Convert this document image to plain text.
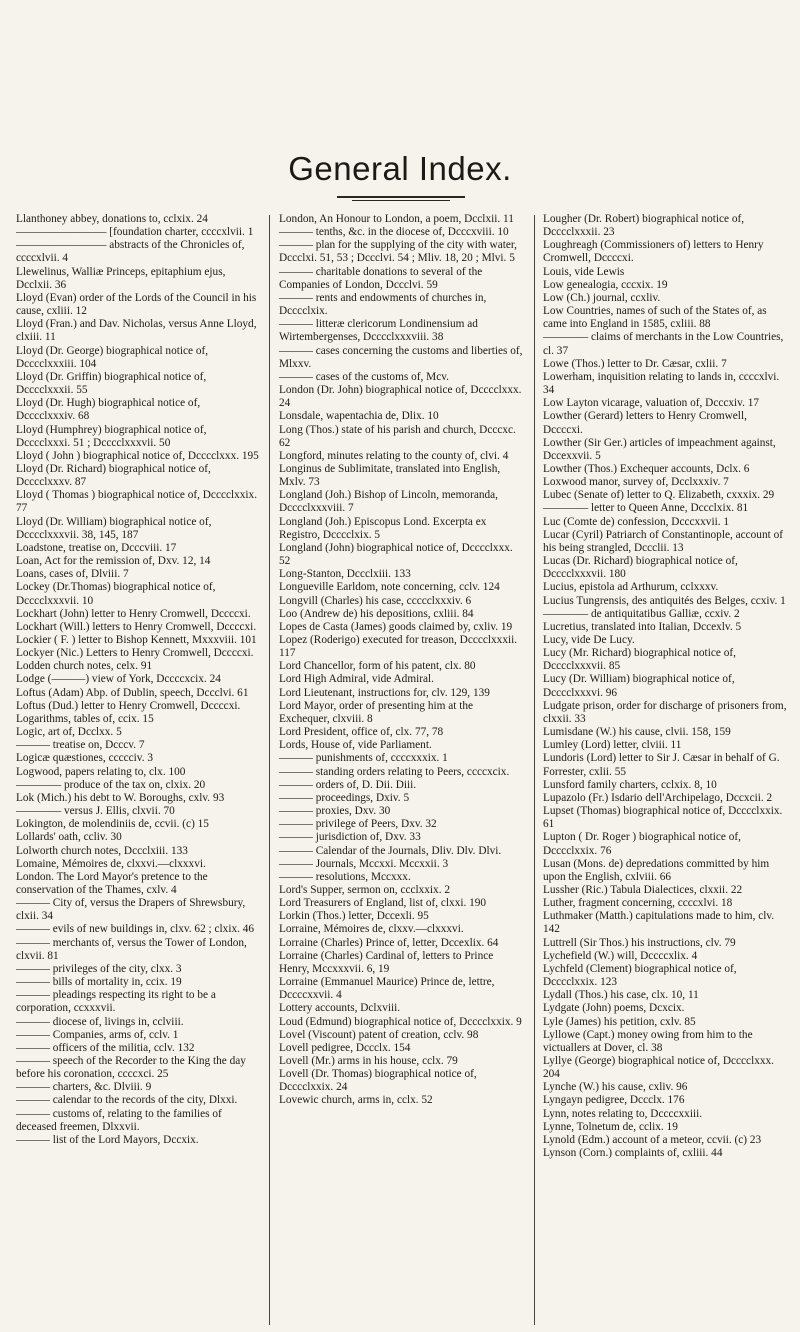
General Index.

Llanthoney abbey, donations to, cclxix. 24

———————— [foundation charter, ccccxlvii. 1

———————— abstracts of the Chronicles of, ccccxlvii. 4

Llewelinus, Walliæ Princeps, epitaphium ejus, Dcclxii. 36

Lloyd (Evan) order of the Lords of the Council in his cause, cxliii. 12

Lloyd (Fran.) and Dav. Nicholas, versus Anne Lloyd, clxiii. 11

Lloyd (Dr. George) biographical notice of, Dcccclxxxiii. 104

Lloyd (Dr. Griffin) biographical notice of, Dcccclxxxii. 55

Lloyd (Dr. Hugh) biographical notice of, Dcccclxxxiv. 68

Lloyd (Humphrey) biographical notice of, Dcccclxxxi. 51 ; Dcccclxxxvii. 50

Lloyd ( John ) biographical notice of, Dcccclxxx. 195

Lloyd (Dr. Richard) biographical notice of, Dcccclxxxv. 87

Lloyd ( Thomas ) biographical notice of, Dcccclxxix. 77

Lloyd (Dr. William) biographical notice of, Dcccclxxxvii. 38, 145, 187

Loadstone, treatise on, Dcccviii. 17

Loan, Act for the remission of, Dxv. 12, 14

Loans, cases of, Dlviii. 7

Lockey (Dr.Thomas) biographical notice of, Dcccclxxxvii. 10

Lockhart (John) letter to Henry Cromwell, Dccccxi.

Lockhart (Will.) letters to Henry Cromwell, Dccccxi.

Lockier ( F. ) letter to Bishop Kennett, Mxxxviii. 101

Lockyer (Nic.) Letters to Henry Cromwell, Dccccxi.

Lodden church notes, celx. 91

Lodge (———) view of York, Dccccxcix. 24

Loftus (Adam) Abp. of Dublin, speech, Dccclvi. 61

Loftus (Dud.) letter to Henry Cromwell, Dccccxi.

Logarithms, tables of, ccix. 15

Logic, art of, Dcclxx. 5

——— treatise on, Dcccv. 7

Logicæ quæstiones, ccccciv. 3

Logwood, papers relating to, clx. 100

———— produce of the tax on, clxix. 20

Lok (Mich.) his debt to W. Boroughs, cxlv. 93

———— versus J. Ellis, clxvii. 70

Lokington, de molendiniis de, ccvii. (c) 15

Lollards' oath, ccliv. 30

Lolworth church notes, Dccclxiii. 133

Lomaine, Mémoires de, clxxvi.—clxxxvi.

London. The Lord Mayor's pretence to the conservation of the Thames, cxlv. 4

——— City of, versus the Drapers of Shrewsbury, clxii. 34

——— evils of new buildings in, clxv. 62 ; clxix. 46

——— merchants of, versus the Tower of London, clxvii. 81

——— privileges of the city, clxx. 3

——— bills of mortality in, ccix. 19

——— pleadings respecting its right to be a corporation, ccxxxvii.

——— diocese of, livings in, cclviii.

——— Companies, arms of, cclv. 1

——— officers of the militia, cclv. 132

——— speech of the Recorder to the King the day before his coronation, ccccxci. 25

——— charters, &c. Dlviii. 9

——— calendar to the records of the city, Dlxxi.

——— customs of, relating to the families of deceased freemen, Dlxxvii.

——— list of the Lord Mayors, Dccxix.

London, An Honour to London, a poem, Dcclxii. 11

——— tenths, &c. in the diocese of, Dcccxviii. 10

——— plan for the supplying of the city with water, Dccclxi. 51, 53 ; Dccclvi. 54 ; Mliv. 18, 20 ; Mlvi. 5

——— charitable donations to several of the Companies of London, Dccclvi. 59

——— rents and endowments of churches in, Dcccclxix.

——— litteræ clericorum Londinensium ad Wirtembergenses, Dcccclxxxviii. 38

——— cases concerning the customs and liberties of, Mlxxv.

——— cases of the customs of, Mcv.

London (Dr. John) biographical notice of, Dcccclxxx. 24

Lonsdale, wapentachia de, Dlix. 10

Long (Thos.) state of his parish and church, Dcccxc. 62

Longford, minutes relating to the county of, clvi. 4

Longinus de Sublimitate, translated into English, Mxlv. 73

Longland (Joh.) Bishop of Lincoln, memoranda, Dcccclxxxviii. 7

Longland (Joh.) Episcopus Lond. Excerpta ex Registro, Dcccclxix. 5

Longland (John) biographical notice of, Dcccclxxx. 52

Long-Stanton, Dccclxiii. 133

Longueville Earldom, note concerning, cclv. 124

Longvill (Charles) his case, ccccclxxxiv. 6

Loo (Andrew de) his depositions, cxliii. 84

Lopes de Casta (James) goods claimed by, cxliv. 19

Lopez (Roderigo) executed for treason, Dcccclxxxii. 117

Lord Chancellor, form of his patent, clx. 80

Lord High Admiral, vide Admiral.

Lord Lieutenant, instructions for, clv. 129, 139

Lord Mayor, order of presenting him at the Exchequer, clxviii. 8

Lord President, office of, clx. 77, 78

Lords, House of, vide Parliament.

——— punishments of, ccccxxxix. 1

——— standing orders relating to Peers, ccccxcix.

——— orders of, D. Dii. Diii.

——— proceedings, Dxiv. 5

——— proxies, Dxv. 30

——— privilege of Peers, Dxv. 32

——— jurisdiction of, Dxv. 33

——— Calendar of the Journals, Dliv. Dlv. Dlvi.

——— Journals, Mccxxi. Mccxxii. 3

——— resolutions, Mccxxx.

Lord's Supper, sermon on, ccclxxix. 2

Lord Treasurers of England, list of, clxxi. 190

Lorkin (Thos.) letter, Dccexli. 95

Lorraine, Mémoires de, clxxv.—clxxxvi.

Lorraine (Charles) Prince of, letter, Dccexlix. 64

Lorraine (Charles) Cardinal of, letters to Prince Henry, Mccxxxvii. 6, 19

Lorraine (Emmanuel Maurice) Prince de, lettre, Dccccxxvii. 4

Lottery accounts, Dclxviii.

Loud (Edmund) biographical notice of, Dcccclxxix. 9

Lovel (Viscount) patent of creation, cclv. 98

Lovell pedigree, Dccclx. 154

Lovell (Mr.) arms in his house, cclx. 79

Lovell (Dr. Thomas) biographical notice of, Dcccclxxix. 24

Lovewic church, arms in, cclx. 52

Lougher (Dr. Robert) biographical notice of, Dcccclxxxii. 23

Loughreagh (Commissioners of) letters to Henry Cromwell, Dccccxi.

Louis, vide Lewis

Low genealogia, cccxix. 19

Low (Ch.) journal, ccxliv.

Low Countries, names of such of the States of, as came into England in 1585, cxliii. 88

———— claims of merchants in the Low Countries, cl. 37

Lowe (Thos.) letter to Dr. Cæsar, cxlii. 7

Lowerham, inquisition relating to lands in, ccccxlvi. 34

Low Layton vicarage, valuation of, Dcccxiv. 17

Lowther (Gerard) letters to Henry Cromwell, Dccccxi.

Lowther (Sir Ger.) articles of impeachment against, Dccexxvii. 5

Lowther (Thos.) Exchequer accounts, Dclx. 6

Loxwood manor, survey of, Dcclxxxiv. 7

Lubec (Senate of) letter to Q. Elizabeth, cxxxix. 29

———— letter to Queen Anne, Dccclxix. 81

Luc (Comte de) confession, Dcccxxvii. 1

Lucar (Cyril) Patriarch of Constantinople, account of his being strangled, Dccclii. 13

Lucas (Dr. Richard) biographical notice of, Dcccclxxxvii. 180

Lucius, epistola ad Arthurum, cclxxxv.

Lucius Tungrensis, des antiquités des Belges, ccxiv. 1

———— de antiquitatibus Galliæ, ccxiv. 2

Lucretius, translated into Italian, Dccexlv. 5

Lucy, vide De Lucy.

Lucy (Mr. Richard) biographical notice of, Dcccclxxxvii. 85

Lucy (Dr. William) biographical notice of, Dcccclxxxvi. 96

Ludgate prison, order for discharge of prisoners from, clxxii. 33

Lumisdane (W.) his cause, clvii. 158, 159

Lumley (Lord) letter, clviii. 11

Lundoris (Lord) letter to Sir J. Cæsar in behalf of G. Forrester, cxlii. 55

Lunsford family charters, cclxix. 8, 10

Lupazolo (Fr.) Isdario dell'Archipelago, Dccxcii. 2

Lupset (Thomas) biographical notice of, Dcccclxxix. 61

Lupton ( Dr. Roger ) biographical notice of, Dcccclxxix. 76

Lusan (Mons. de) depredations committed by him upon the English, cxlviii. 66

Lussher (Ric.) Tabula Dialectices, clxxii. 22

Luther, fragment concerning, ccccxlvi. 18

Luthmaker (Matth.) capitulations made to him, clv. 142

Luttrell (Sir Thos.) his instructions, clv. 79

Lychefield (W.) will, Dccccxlix. 4

Lychfeld (Clement) biographical notice of, Dcccclxxix. 123

Lydall (Thos.) his case, clx. 10, 11

Lydgate (John) poems, Dcxcix.

Lyle (James) his petition, cxlv. 85

Lyllowe (Capt.) money owing from him to the victuallers at Dover, cl. 38

Lyllye (George) biographical notice of, Dcccclxxx. 204

Lynche (W.) his cause, cxliv. 96

Lyngayn pedigree, Dccclx. 176

Lynn, notes relating to, Dccccxxiii.

Lynne, Tolnetum de, cclix. 19

Lynold (Edm.) account of a meteor, ccvii. (c) 23

Lynson (Corn.) complaints of, cxliii. 44
